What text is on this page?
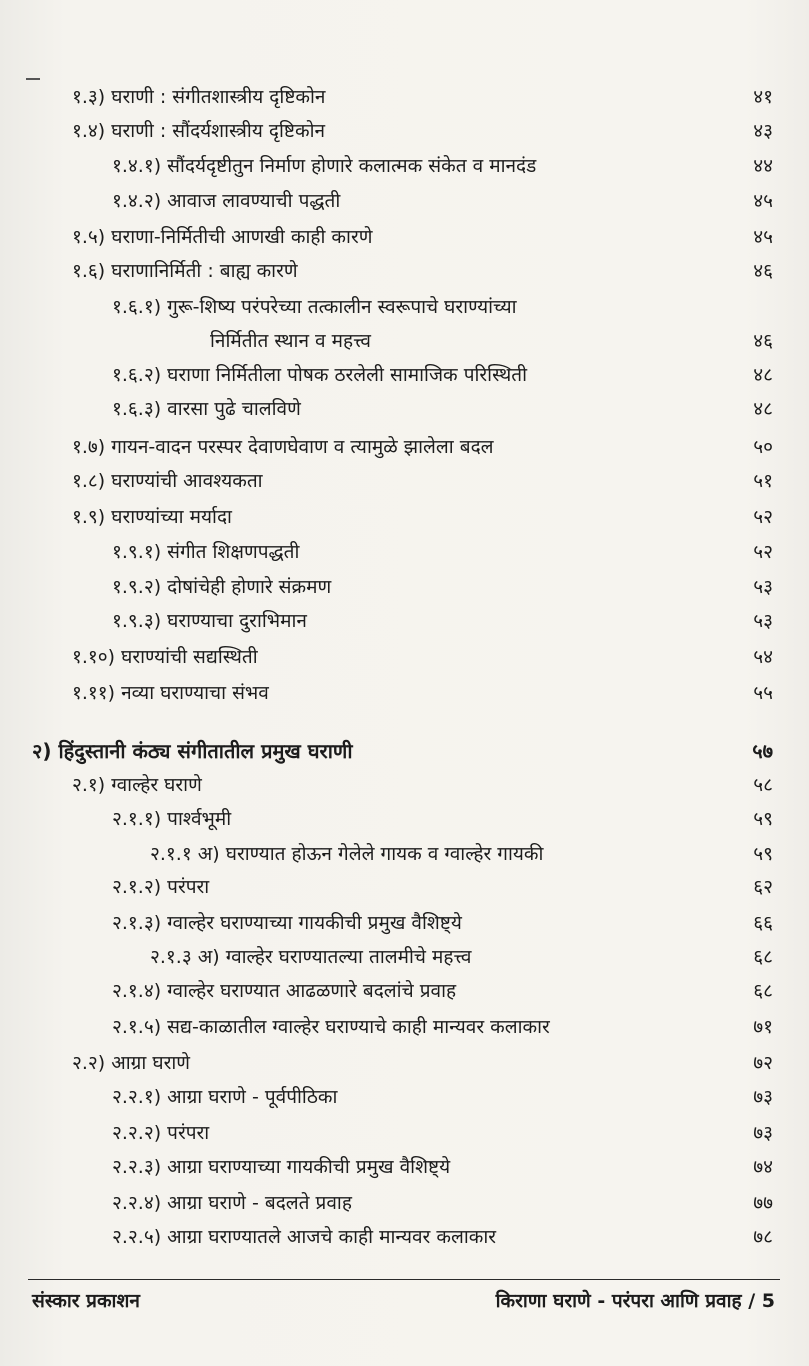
१.३) घराणी : संगीतशास्त्रीय दृष्टिकोन	४१
१.४) घराणी : सौंदर्यशास्त्रीय दृष्टिकोन	४३
१.४.१) सौंदर्यदृष्टीतुन निर्माण होणारे कलात्मक संकेत व मानदंड	४४
१.४.२) आवाज लावण्याची पद्धती	४५
१.५) घराणा-निर्मितीची आणखी काही कारणे	४५
१.६) घराणानिर्मिती : बाह्य कारणे	४६
१.६.१) गुरू-शिष्य परंपरेच्या तत्कालीन स्वरूपाचे घराण्यांच्या
निर्मितीत स्थान व महत्त्व	४६
१.६.२) घराणा निर्मितीला पोषक ठरलेली सामाजिक परिस्थिती	४८
१.६.३) वारसा पुढे चालविणे	४८
१.७) गायन-वादन परस्पर देवाणघेवाण व त्यामुळे झालेला बदल	५०
१.८) घराण्यांची आवश्यकता	५१
१.९) घराण्यांच्या मर्यादा	५२
१.९.१) संगीत शिक्षणपद्धती	५२
१.९.२) दोषांचेही होणारे संक्रमण	५३
१.९.३) घराण्याचा दुराभिमान	५३
१.१०) घराण्यांची सद्यस्थिती	५४
१.११) नव्या घराण्याचा संभव	५५
२) हिंदुस्तानी कंठ्य संगीतातील प्रमुख घराणी	५७
२.१) ग्वाल्हेर घराणे	५८
२.१.१) पार्श्वभूमी	५९
२.१.१ अ) घराण्यात होऊन गेलेले गायक व ग्वाल्हेर गायकी	५९
२.१.२) परंपरा	६२
२.१.३) ग्वाल्हेर घराण्याच्या गायकीची प्रमुख वैशिष्ट्ये	६६
२.१.३ अ) ग्वाल्हेर घराण्यातल्या तालमीचे महत्त्व	६८
२.१.४) ग्वाल्हेर घराण्यात आढळणारे बदलांचे प्रवाह	६८
२.१.५) सद्य-काळातील ग्वाल्हेर घराण्याचे काही मान्यवर कलाकार	७१
२.२) आग्रा घराणे	७२
२.२.१) आग्रा घराणे - पूर्वपीठिका	७३
२.२.२) परंपरा	७३
२.२.३) आग्रा घराण्याच्या गायकीची प्रमुख वैशिष्ट्ये	७४
२.२.४) आग्रा घराणे - बदलते प्रवाह	७७
२.२.५) आग्रा घराण्यातले आजचे काही मान्यवर कलाकार	७८
संस्कार प्रकाशन	किराणा घराणे - परंपरा आणि प्रवाह / 5
